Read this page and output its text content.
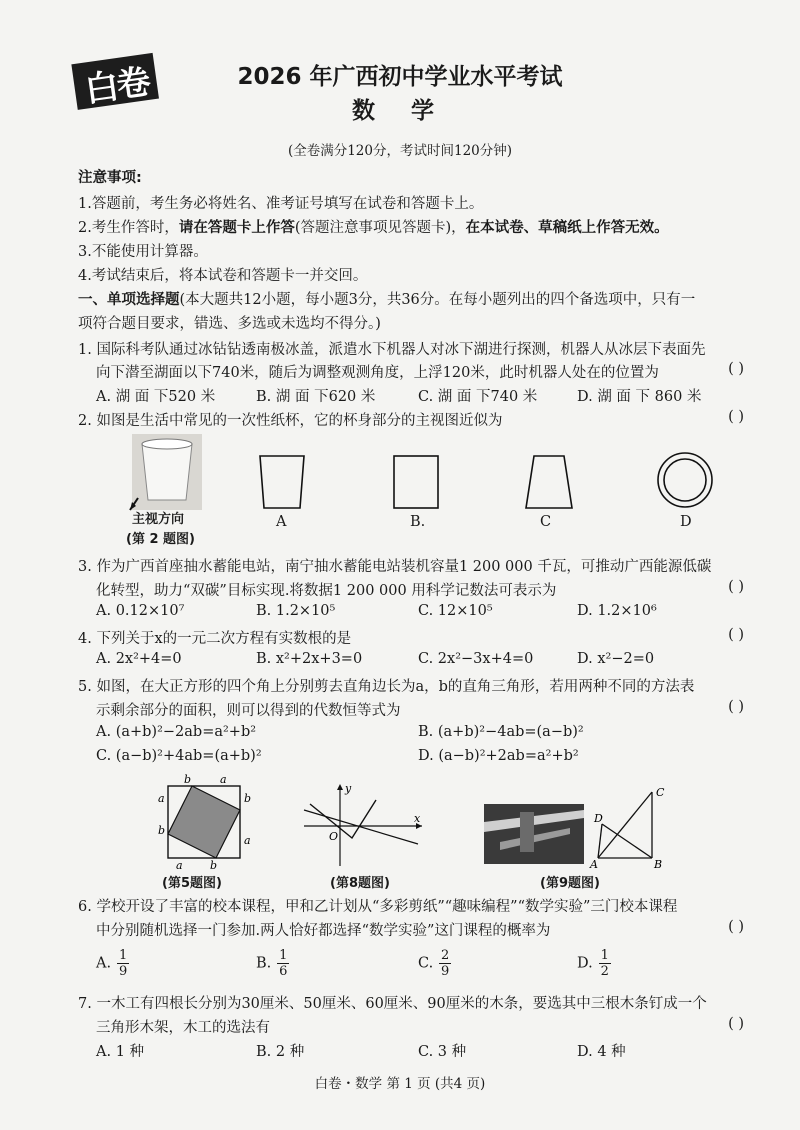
白卷	2026 年广西初中学业水平考试
数 学
(全卷满分120分，考试时间120分钟)
注意事项:
1.答题前，考生务必将姓名、准考证号填写在试卷和答题卡上。
2.考生作答时，请在答题卡上作答(答题注意事项见答题卡)，在本试卷、草稿纸上作答无效。
3.不能使用计算器。
4.考试结束后，将本试卷和答题卡一并交回。
一、单项选择题(本大题共12小题，每小题3分，共36分。在每小题列出的四个备选项中，只有一
项符合题目要求，错选、多选或未选均不得分。)
1. 国际科考队通过冰钻钻透南极冰盖，派遣水下机器人对冰下湖进行探测，机器人从冰层下表面先
向下潜至湖面以下740米，随后为调整观测角度，上浮120米，此时机器人处在的位置为	( )
A. 湖 面 下520 米	B. 湖 面 下620 米	C. 湖 面 下740 米	D. 湖 面 下 860 米
2. 如图是生活中常见的一次性纸杯，它的杯身部分的主视图近似为	( )
主视方向
(第 2 题图)
A	B.	C	D
3. 作为广西首座抽水蓄能电站，南宁抽水蓄能电站装机容量1 200 000 千瓦，可推动广西能源低碳
化转型，助力“双碳”目标实现.将数据1 200 000 用科学记数法可表示为	( )
A. 0.12×10⁷	B. 1.2×10⁵	C. 12×10⁵	D. 1.2×10⁶
4. 下列关于x的一元二次方程有实数根的是	( )
A. 2x²+4=0	B. x²+2x+3=0	C. 2x²−3x+4=0	D. x²−2=0
5. 如图，在大正方形的四个角上分别剪去直角边长为a，b的直角三角形，若用两种不同的方法表
示剩余部分的面积，则可以得到的代数恒等式为	( )
A. (a+b)²−2ab=a²+b²	B. (a+b)²−4ab=(a−b)²
C. (a−b)²+4ab=(a+b)²	D. (a−b)²+2ab=a²+b²
b	a
a
b
b
a
a b
(第5题图)
y
x
O
(第8题图)
C
D
A	B
(第9题图)
6. 学校开设了丰富的校本课程，甲和乙计划从“多彩剪纸”“趣味编程”“数学实验”三门校本课程
中分别随机选择一门参加.两人恰好都选择“数学实验”这门课程的概率为	( )
A. $\frac{1}{9}$	B. $\frac{1}{6}$	C. $\frac{2}{9}$	D. $\frac{1}{2}$
7. 一木工有四根长分别为30厘米、50厘米、60厘米、90厘米的木条，要选其中三根木条钉成一个
三角形木架，木工的选法有	( )
A. 1 种	B. 2 种	C. 3 种	D. 4 种
白卷・数学 第 1 页 (共4 页)
